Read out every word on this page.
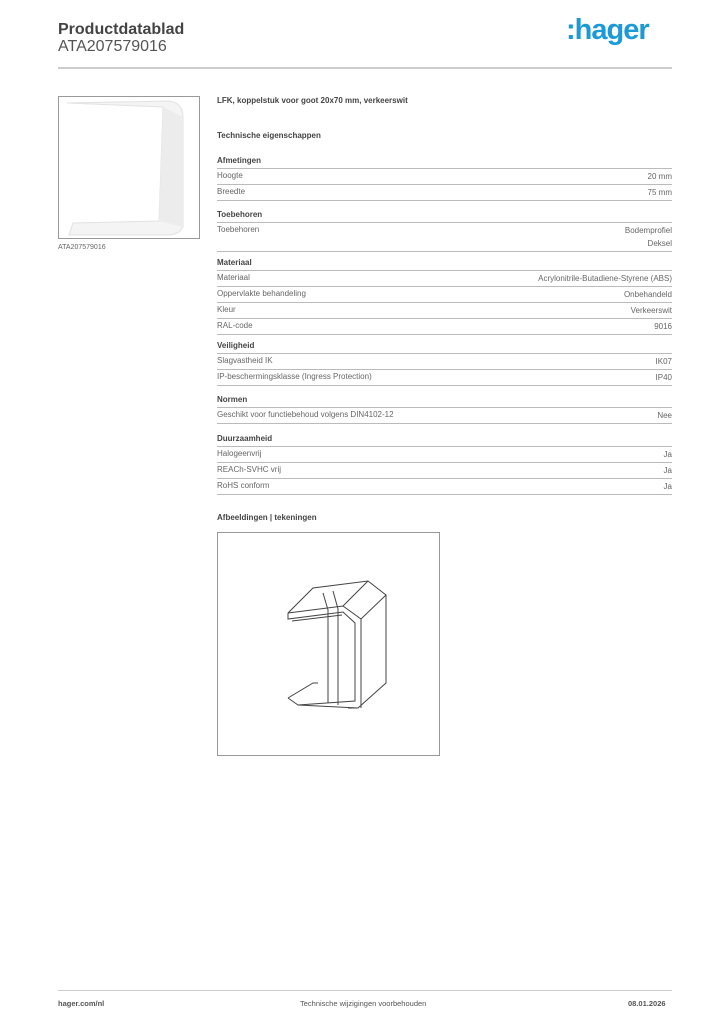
Productdatablad
ATA207579016
:hager
ATA207579016
LFK, koppelstuk voor goot 20x70 mm, verkeerswit
Technische eigenschappen
Afmetingen
Hoogte	20 mm
Breedte	75 mm
Toebehoren
Toebehoren	Bodemprofiel
Deksel
Materiaal
Materiaal	Acrylonitrile-Butadiene-Styrene (ABS)
Oppervlakte behandeling	Onbehandeld
Kleur	Verkeerswit
RAL-code	9016
Veiligheid
Slagvastheid IK	IK07
IP-beschermingsklasse (Ingress Protection)	IP40
Normen
Geschikt voor functiebehoud volgens DIN4102-12	Nee
Duurzaamheid
Halogeenvrij	Ja
REACh-SVHC vrij	Ja
RoHS conform	Ja
Afbeeldingen | tekeningen
hager.com/nl	Technische wijzigingen voorbehouden	08.01.2026
